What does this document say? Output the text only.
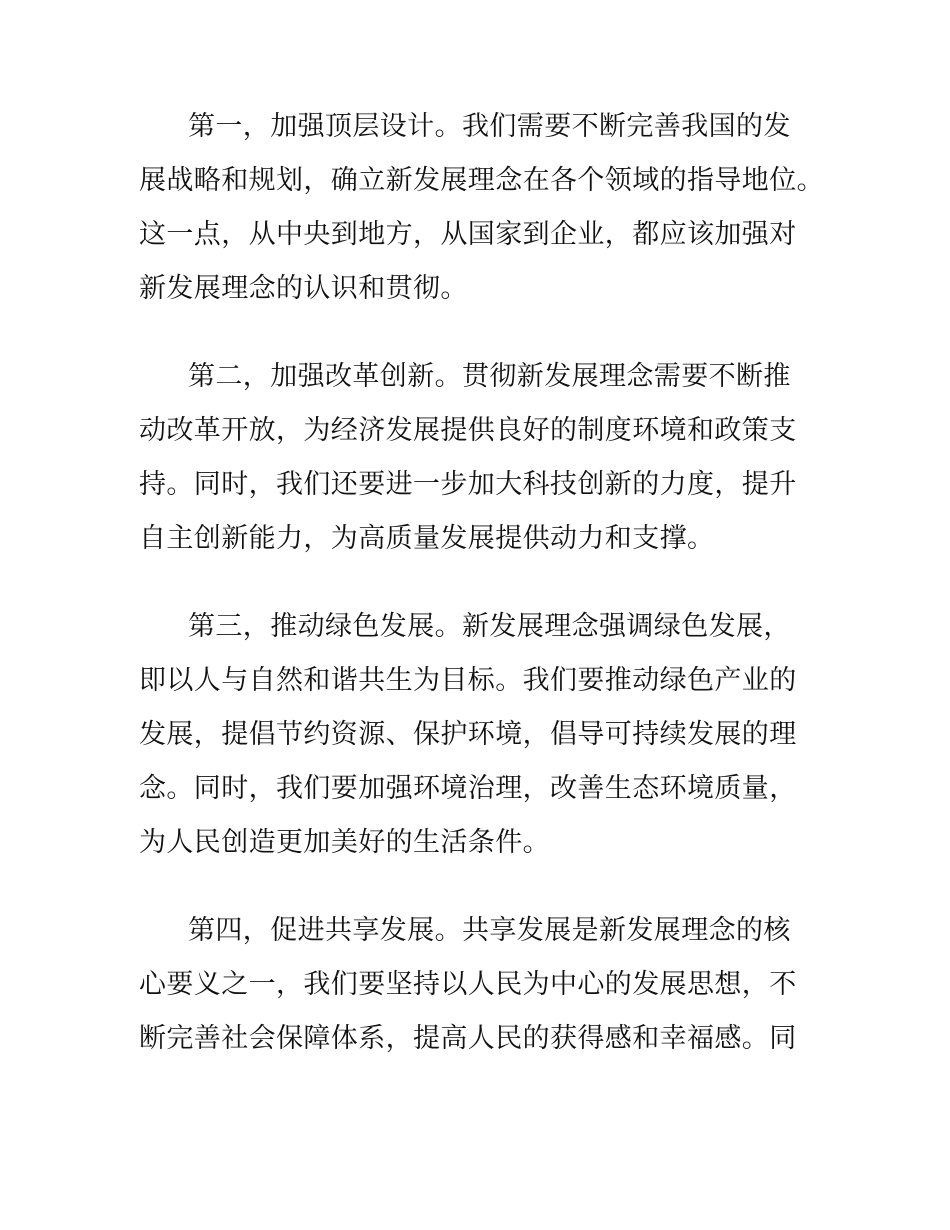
第一，加强顶层设计。我们需要不断完善我国的发
展战略和规划，确立新发展理念在各个领域的指导地位。
这一点，从中央到地方，从国家到企业，都应该加强对
新发展理念的认识和贯彻。
第二，加强改革创新。贯彻新发展理念需要不断推
动改革开放，为经济发展提供良好的制度环境和政策支
持。同时，我们还要进一步加大科技创新的力度，提升
自主创新能力，为高质量发展提供动力和支撑。
第三，推动绿色发展。新发展理念强调绿色发展，
即以人与自然和谐共生为目标。我们要推动绿色产业的
发展，提倡节约资源、保护环境，倡导可持续发展的理
念。同时，我们要加强环境治理，改善生态环境质量，
为人民创造更加美好的生活条件。
第四，促进共享发展。共享发展是新发展理念的核
心要义之一，我们要坚持以人民为中心的发展思想，不
断完善社会保障体系，提高人民的获得感和幸福感。同
